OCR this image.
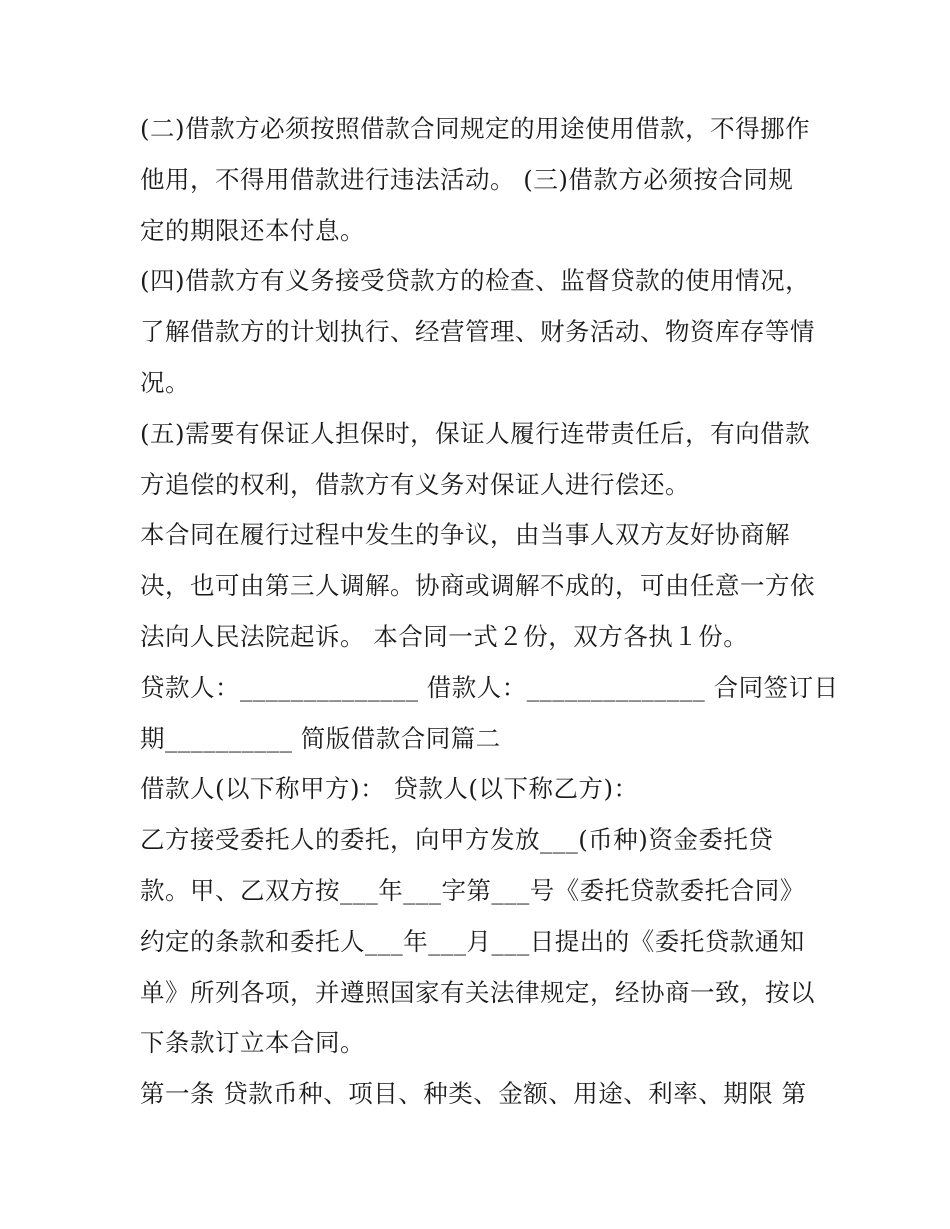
(二)借款方必须按照借款合同规定的用途使用借款，不得挪作
他用，不得用借款进行违法活动。 (三)借款方必须按合同规
定的期限还本付息。
(四)借款方有义务接受贷款方的检查、监督贷款的使用情况，
了解借款方的计划执行、经营管理、财务活动、物资库存等情
况。
(五)需要有保证人担保时，保证人履行连带责任后，有向借款
方追偿的权利，借款方有义务对保证人进行偿还。
本合同在履行过程中发生的争议，由当事人双方友好协商解
决，也可由第三人调解。协商或调解不成的，可由任意一方依
法向人民法院起诉。 本合同一式２份，双方各执１份。
贷款人：______________ 借款人：______________ 合同签订日
期__________ 简版借款合同篇二
借款人(以下称甲方)： 贷款人(以下称乙方)：
乙方接受委托人的委托，向甲方发放___(币种)资金委托贷
款。甲、乙双方按___年___字第___号《委托贷款委托合同》
约定的条款和委托人___年___月___日提出的《委托贷款通知
单》所列各项，并遵照国家有关法律规定，经协商一致，按以
下条款订立本合同。
第一条 贷款币种、项目、种类、金额、用途、利率、期限 第
